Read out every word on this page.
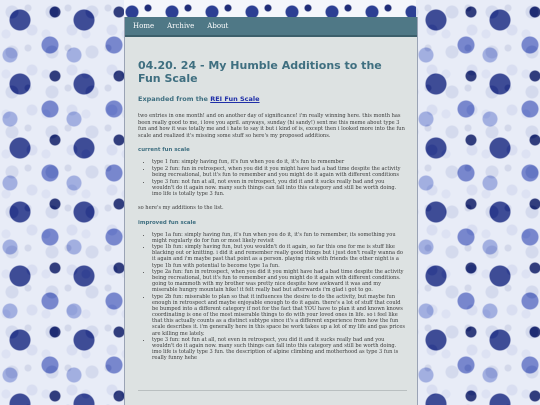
Home Archive About
04.20. 24 - My Humble Additions to the Fun Scale
Expanded from the REI Fun Scale

two entries in one month! and on another day of significance! i'm really winning here. this month has been really good to me, i love you april. anyways, sunday (hi sandy!) sent me this meme about type 3 fun and how it was totally me and i hate to say it but i kind of is, except then i looked more into the fun scale and realized it's missing some stuff so here's my proposed additions.

current fun scale
• type 1 fun: simply having fun, it's fun when you do it, it's fun to remember
• type 2 fun: fun in retrospect, when you did it you might have had a bad time despite the activity being recreational, but it's fun to remember and you might do it again with different conditions
• type 3 fun: not fun at all, not even in retrospect, you did it and it sucks really bad and you wouldn't do it again now. many such things can fall into this category and still be worth doing. imo life is totally type 3 fun.

so here's my additions to the list.

improved fun scale
• type 1a fun: simply having fun, it's fun when you do it, it's fun to remember, its something you might regularly do for fun or most likely revisit
• type 1b fun: simply having fun, but you wouldn't do it again, so far this one for me is stuff like blacking out or knitting. i did it and remember really good things but i just don't really wanna do it again and i'm maybe past that point as a person. playing risk with friends the other night is a type 1b fun with potential to become type 1a fun.
• type 2a fun: fun in retrospect, when you did it you might have had a bad time despite the activity being recreational, but it's fun to remember and you might do it again with different conditions. going to mammoth with my brother was pretty nice despite how awkward it was and my miserable hungry mountain hike! it felt really bad but afterwards i'm glad i got to go.
• type 2b fun: miserable to plan so that it influences the desire to do the activity, but maybe fun enough in retrospect and maybe enjoyable enough to do it again. there's a lot of stuff that could be bumped into a different category if not for the fact that YOU have to plan it and known knows coordinating is one of the most miserable things to do with your loved ones in life. so i feel like that this actually counts as a distinct subtype since it's a different experience from how the fun scale describes it. i'm generally here in this space be work takes up a lot of my life and gas prices are killing me lately.
• type 3 fun: not fun at all, not even in retrospect, you did it and it sucks really bad and you wouldn't do it again now. many such things can fall into this category and still be worth doing. imo life is totally type 3 fun. the description of alpine climbing and motherhood as type 3 fun is really funny hehe
